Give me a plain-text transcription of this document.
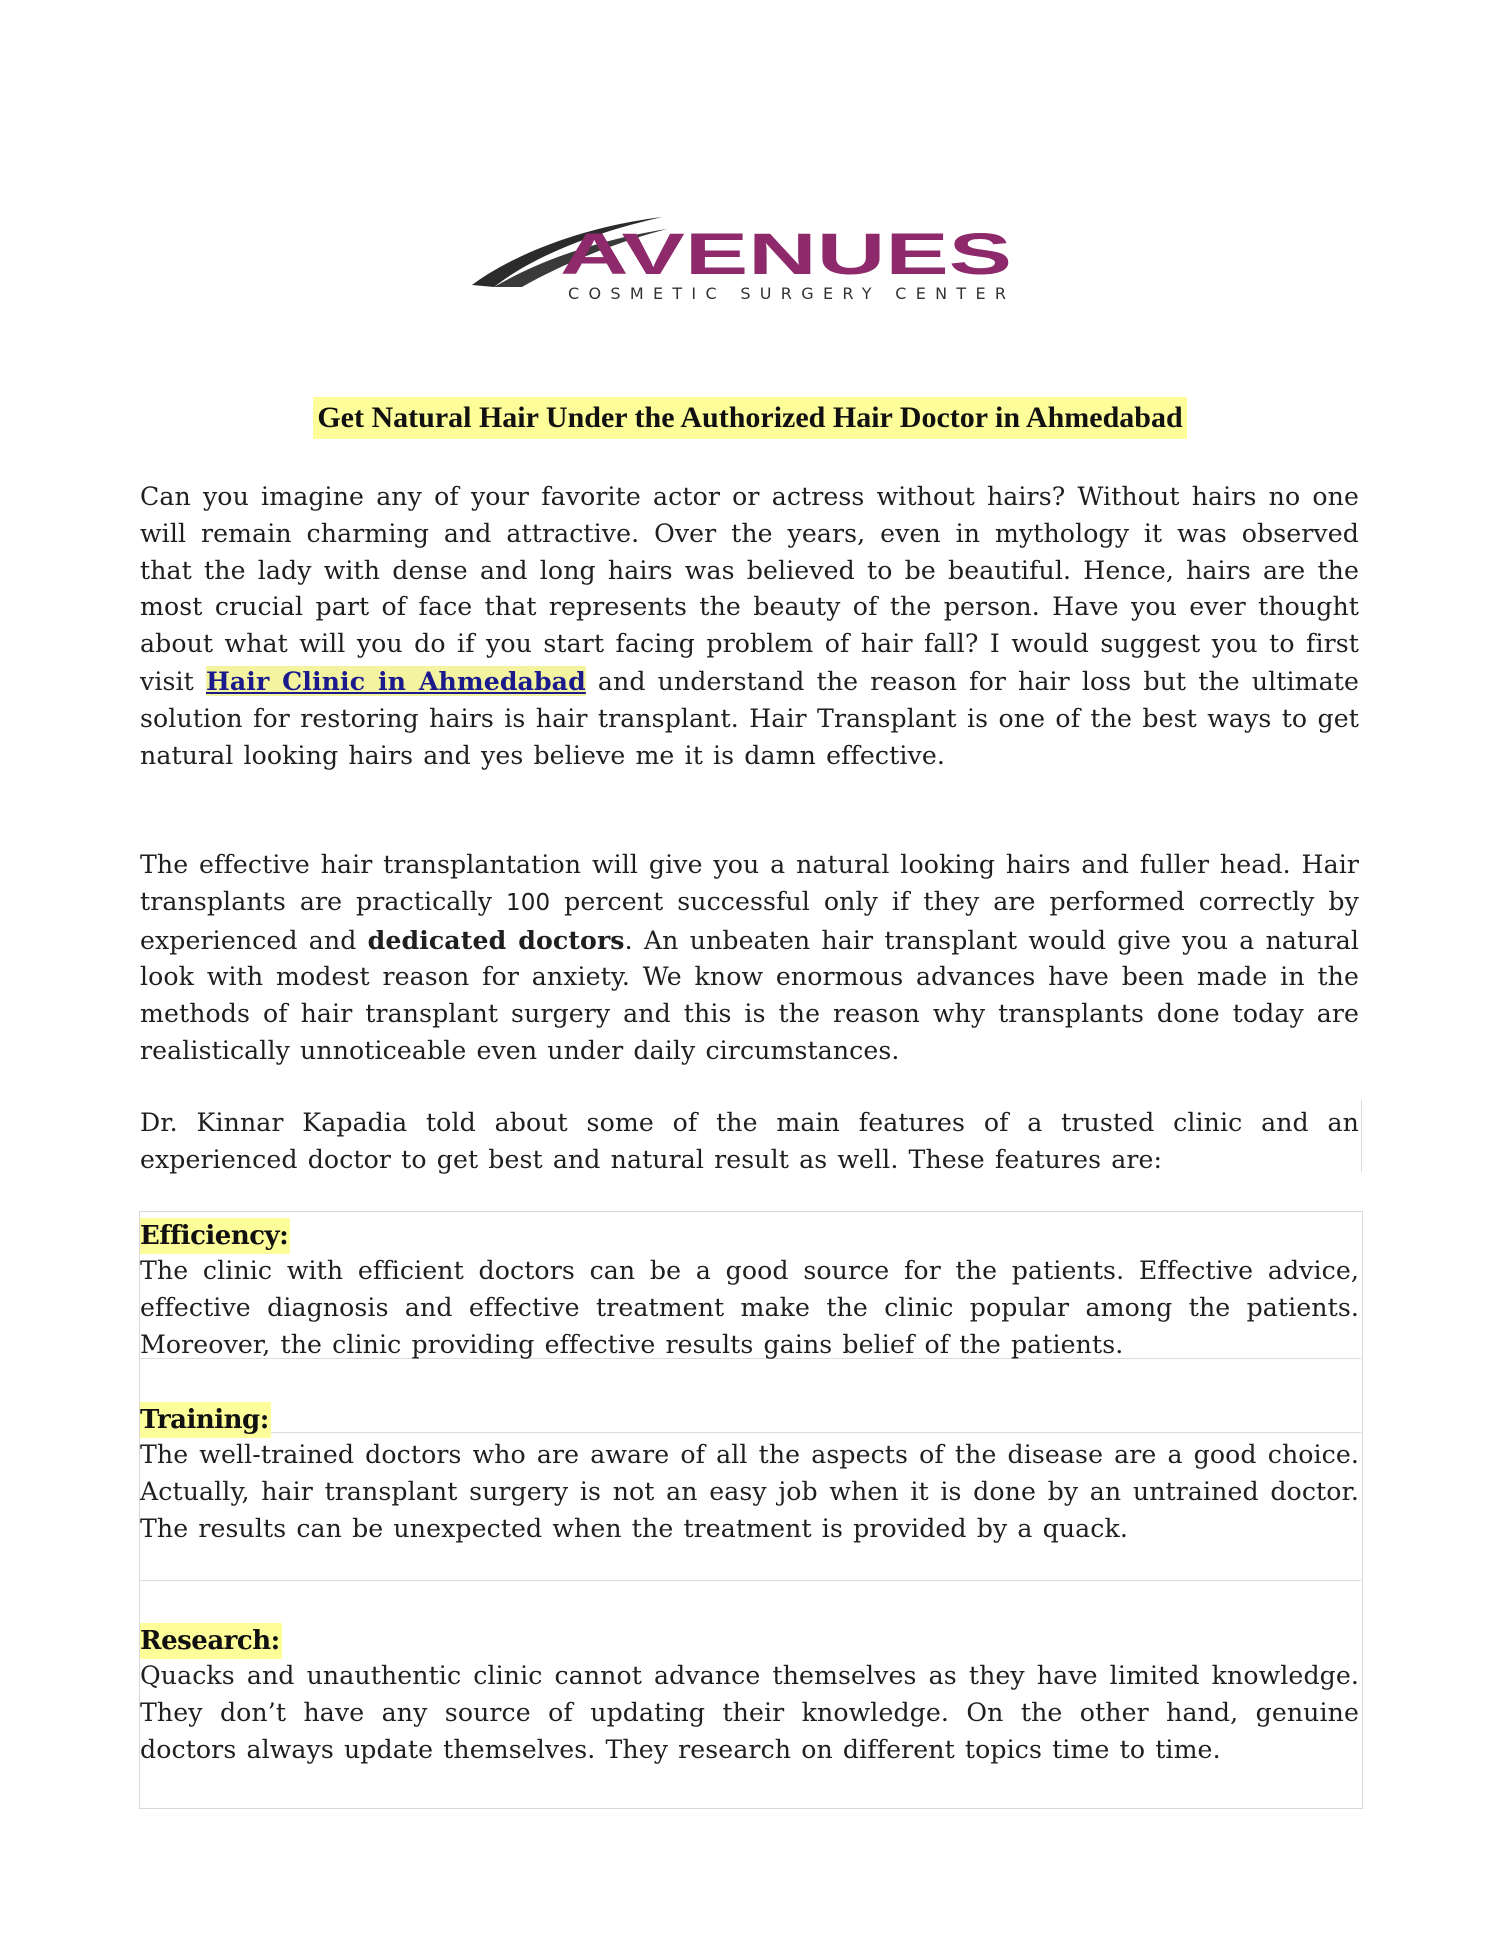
AVENUES
COSMETIC SURGERY CENTER
Get Natural Hair Under the Authorized Hair Doctor in Ahmedabad
Can you imagine any of your favorite actor or actress without hairs? Without hairs no one will remain charming and attractive. Over the years, even in mythology it was observed that the lady with dense and long hairs was believed to be beautiful. Hence, hairs are the most crucial part of face that represents the beauty of the person. Have you ever thought about what will you do if you start facing problem of hair fall? I would suggest you to first visit Hair Clinic in Ahmedabad and understand the reason for hair loss but the ultimate solution for restoring hairs is hair transplant. Hair Transplant is one of the best ways to get natural looking hairs and yes believe me it is damn effective.
The effective hair transplantation will give you a natural looking hairs and fuller head. Hair transplants are practically 100 percent successful only if they are performed correctly by experienced and dedicated doctors. An unbeaten hair transplant would give you a natural look with modest reason for anxiety. We know enormous advances have been made in the methods of hair transplant surgery and this is the reason why transplants done today are realistically unnoticeable even under daily circumstances.
Dr. Kinnar Kapadia told about some of the main features of a trusted clinic and an experienced doctor to get best and natural result as well. These features are:
Efficiency:
The clinic with efficient doctors can be a good source for the patients. Effective advice, effective diagnosis and effective treatment make the clinic popular among the patients. Moreover, the clinic providing effective results gains belief of the patients.
Training:
The well-trained doctors who are aware of all the aspects of the disease are a good choice. Actually, hair transplant surgery is not an easy job when it is done by an untrained doctor. The results can be unexpected when the treatment is provided by a quack.
Research:
Quacks and unauthentic clinic cannot advance themselves as they have limited knowledge. They don’t have any source of updating their knowledge. On the other hand, genuine doctors always update themselves. They research on different topics time to time.
